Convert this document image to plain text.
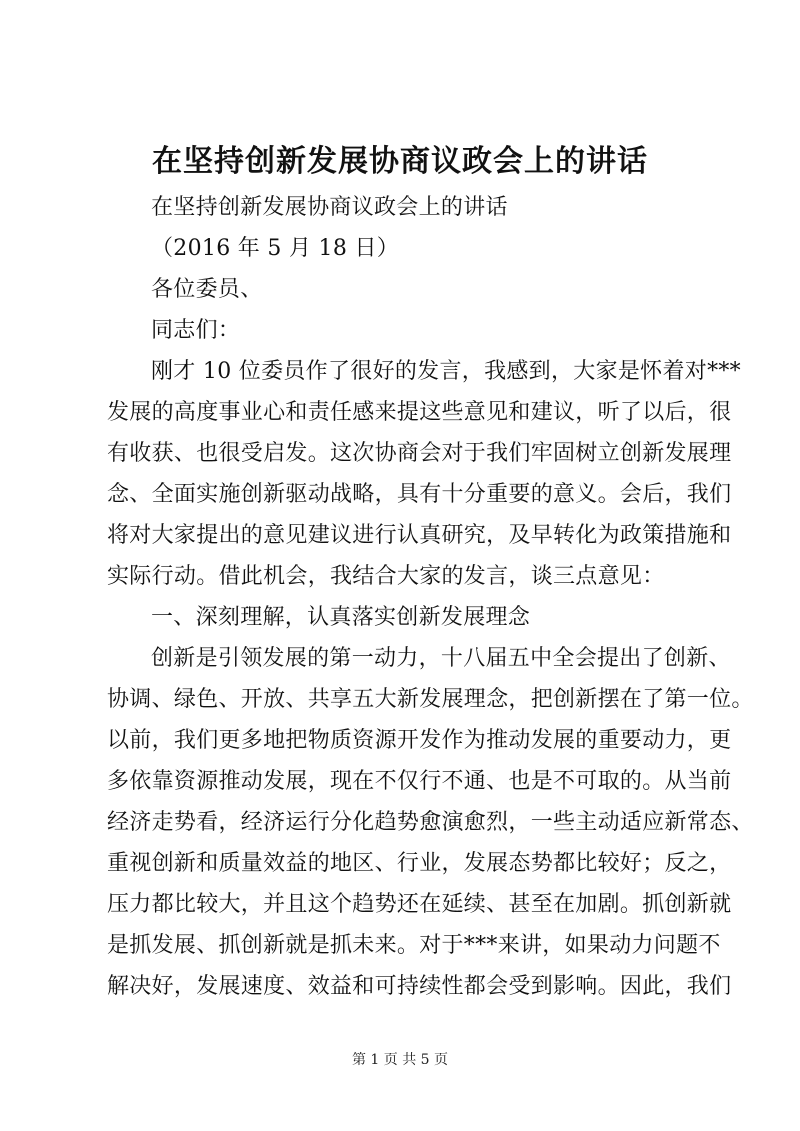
在坚持创新发展协商议政会上的讲话
在坚持创新发展协商议政会上的讲话
（2016 年 5 月 18 日）
各位委员、
同志们：
刚才 10 位委员作了很好的发言，我感到，大家是怀着对***
发展的高度事业心和责任感来提这些意见和建议，听了以后，很
有收获、也很受启发。这次协商会对于我们牢固树立创新发展理
念、全面实施创新驱动战略，具有十分重要的意义。会后，我们
将对大家提出的意见建议进行认真研究，及早转化为政策措施和
实际行动。借此机会，我结合大家的发言，谈三点意见：
一、深刻理解，认真落实创新发展理念
创新是引领发展的第一动力，十八届五中全会提出了创新、
协调、绿色、开放、共享五大新发展理念，把创新摆在了第一位。
以前，我们更多地把物质资源开发作为推动发展的重要动力，更
多依靠资源推动发展，现在不仅行不通、也是不可取的。从当前
经济走势看，经济运行分化趋势愈演愈烈，一些主动适应新常态、
重视创新和质量效益的地区、行业，发展态势都比较好；反之，
压力都比较大，并且这个趋势还在延续、甚至在加剧。抓创新就
是抓发展、抓创新就是抓未来。对于***来讲，如果动力问题不
解决好，发展速度、效益和可持续性都会受到影响。因此，我们
第 1 页 共 5 页
